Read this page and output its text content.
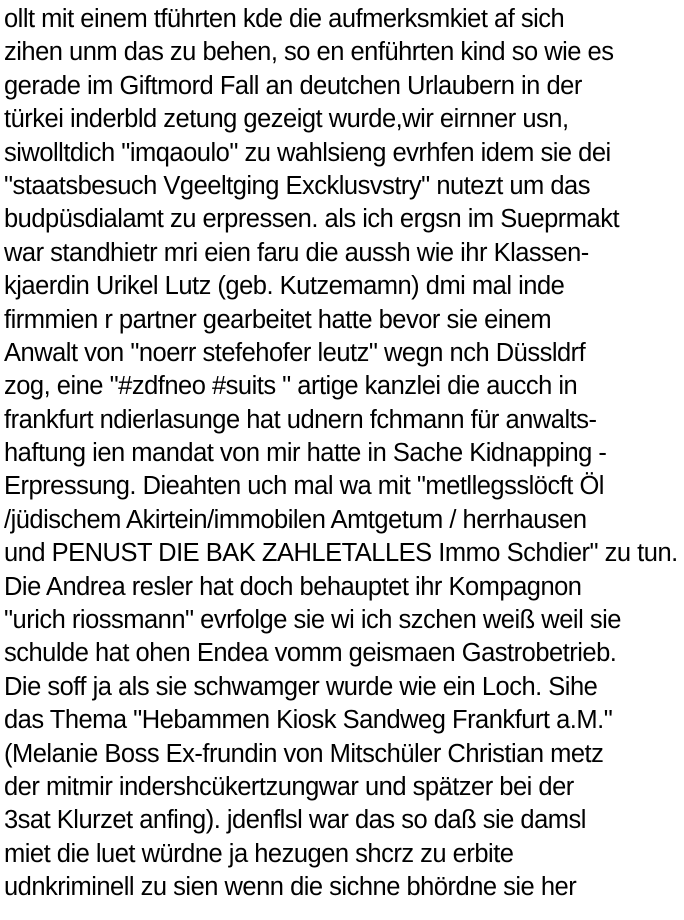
ollt mit einem tführten kde die aufmerksmkiet af sich
zihen unm das zu behen, so en enführten kind so wie es
gerade im Giftmord Fall an deutchen Urlaubern in der
türkei inderbld zetung gezeigt wurde,wir eirnner usn,
siwolltdich "imqaoulo" zu wahlsieng evrhfen idem sie dei
"staatsbesuch Vgeeltging Excklusvstry" nutezt um das
budpüsdialamt zu erpressen. als ich ergsn im Sueprmakt
war standhietr mri eien faru die aussh wie ihr Klassen-
kjaerdin Urikel Lutz (geb. Kutzemamn) dmi mal inde
firmmien r partner gearbeitet hatte bevor sie einem
Anwalt von "noerr stefehofer leutz" wegn nch Düssldrf
zog, eine "#zdfneo #suits " artige kanzlei die aucch in
frankfurt ndierlasunge hat udnern fchmann für anwalts-
haftung ien mandat von mir hatte in Sache Kidnapping -
Erpressung. Dieahten uch mal wa mit "metllegsslöcft Öl
/jüdischem Akirtein/immobilen Amtgetum / herrhausen
und PENUST DIE BAK ZAHLETALLES Immo Schdier" zu tun.
Die Andrea resler hat doch behauptet ihr Kompagnon
"urich riossmann" evrfolge sie wi ich szchen weiß weil sie
schulde hat ohen Endea vomm geismaen Gastrobetrieb.
Die soff ja als sie schwamger wurde wie ein Loch. Sihe
das Thema "Hebammen Kiosk Sandweg Frankfurt a.M."
(Melanie Boss Ex-frundin von Mitschüler Christian metz
der mitmir indershcükertzungwar und spätzer bei der
3sat Klurzet anfing). jdenflsl war das so daß sie damsl
miet die luet würdne ja hezugen shcrz zu erbite
udnkriminell zu sien wenn die sichne bhördne sie her
